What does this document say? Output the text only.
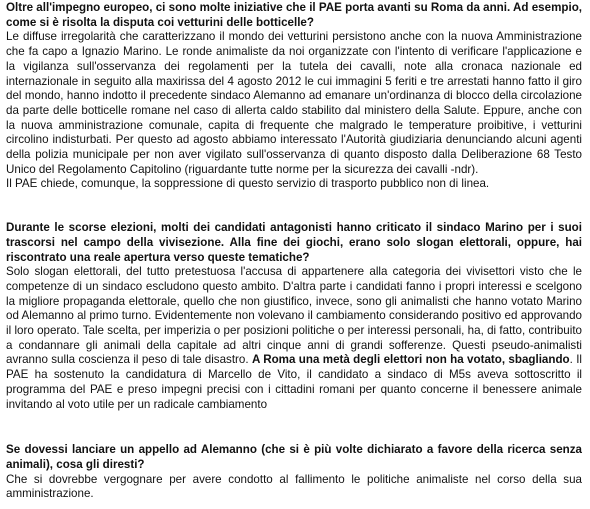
Oltre all'impegno europeo, ci sono molte iniziative che il PAE porta avanti su Roma da anni. Ad esempio, come si è risolta la disputa coi vetturini delle botticelle?
Le diffuse irregolarità che caratterizzano il mondo dei vetturini persistono anche con la nuova Amministrazione che fa capo a Ignazio Marino. Le ronde animaliste da noi organizzate con l'intento di verificare l'applicazione e la vigilanza sull'osservanza dei regolamenti per la tutela dei cavalli, note alla cronaca nazionale ed internazionale in seguito alla maxirissa del 4 agosto 2012 le cui immagini 5 feriti e tre arrestati hanno fatto il giro del mondo, hanno indotto il precedente sindaco Alemanno ad emanare un'ordinanza di blocco della circolazione da parte delle botticelle romane nel caso di allerta caldo stabilito dal ministero della Salute. Eppure, anche con la nuova amministrazione comunale, capita di frequente che malgrado le temperature proibitive, i vetturini circolino indisturbati. Per questo ad agosto abbiamo interessato l'Autorità giudiziaria denunciando alcuni agenti della polizia municipale per non aver vigilato sull'osservanza di quanto disposto dalla Deliberazione 68 Testo Unico del Regolamento Capitolino (riguardante tutte norme per la sicurezza dei cavalli -ndr).
Il PAE chiede, comunque, la soppressione di questo servizio di trasporto pubblico non di linea.
Durante le scorse elezioni, molti dei candidati antagonisti hanno criticato il sindaco Marino per i suoi trascorsi nel campo della vivisezione. Alla fine dei giochi, erano solo slogan elettorali, oppure, hai riscontrato una reale apertura verso queste tematiche?
Solo slogan elettorali, del tutto pretestuosa l'accusa di appartenere alla categoria dei vivisettori visto che le competenze di un sindaco escludono questo ambito. D'altra parte i candidati fanno i propri interessi e scelgono la migliore propaganda elettorale, quello che non giustifico, invece, sono gli animalisti che hanno votato Marino od Alemanno al primo turno. Evidentemente non volevano il cambiamento considerando positivo ed approvando il loro operato. Tale scelta, per imperizia o per posizioni politiche o per interessi personali, ha, di fatto, contribuito a condannare gli animali della capitale ad altri cinque anni di grandi sofferenze. Questi pseudo-animalisti avranno sulla coscienza il peso di tale disastro. A Roma una metà degli elettori non ha votato, sbagliando. Il PAE ha sostenuto la candidatura di Marcello de Vito, il candidato a sindaco di M5s aveva sottoscritto il programma del PAE e preso impegni precisi con i cittadini romani per quanto concerne il benessere animale invitando al voto utile per un radicale cambiamento
Se dovessi lanciare un appello ad Alemanno (che si è più volte dichiarato a favore della ricerca senza animali), cosa gli diresti?
Che si dovrebbe vergognare per avere condotto al fallimento le politiche animaliste nel corso della sua amministrazione.
